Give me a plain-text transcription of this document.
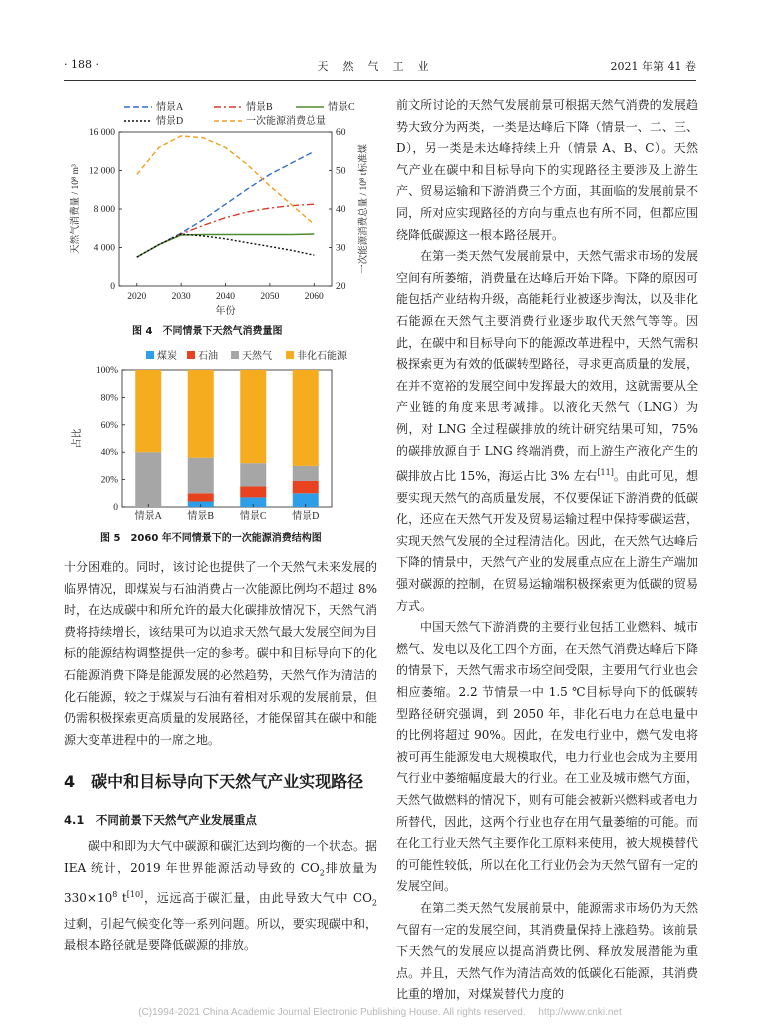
· 188 ·	天然气工业	2021 年第 41 卷
情景A	情景B	情景C
情景D	一次能源消费总量
0
4 000
8 000
12 000
16 000
20
30
40
50
60
2020	2030	2040	2050	2060
年份
天然气消费量 / 10⁸ m³	一次能源消费总量 / 10⁸ t标准煤
图 4　不同情景下天然气消费量图
煤炭 石油 天然气	非化石能源
0
20%
40%
60%
80%
100%
占比
情景A	情景B	情景C	情景D
图 5　2060 年不同情景下的一次能源消费结构图

十分困难的。同时，该讨论也提供了一个天然气未来发展的临界情况，即煤炭与石油消费占一次能源比例均不超过 8% 时，在达成碳中和所允许的最大化碳排放情况下，天然气消费将持续增长，该结果可为以追求天然气最大发展空间为目标的能源结构调整提供一定的参考。碳中和目标导向下的化石能源消费下降是能源发展的必然趋势，天然气作为清洁的化石能源，较之于煤炭与石油有着相对乐观的发展前景，但仍需积极探索更高质量的发展路径，才能保留其在碳中和能源大变革进程中的一席之地。

4　碳中和目标导向下天然气产业实现路径
4.1　不同前景下天然气产业发展重点

碳中和即为大气中碳源和碳汇达到均衡的一个状态。据 IEA 统计，2019 年世界能源活动导致的 $CO_2$排放量为 $330\times 10^8$ t[10]，远远高于碳汇量，由此导致大气中 $CO_2$ 过剩，引起气候变化等一系列问题。所以，要实现碳中和，最根本路径就是要降低碳源的排放。

前文所讨论的天然气发展前景可根据天然气消费的发展趋势大致分为两类，一类是达峰后下降（情景一、二、三、D），另一类是未达峰持续上升（情景 A、B、C）。天然气产业在碳中和目标导向下的实现路径主要涉及上游生产、贸易运输和下游消费三个方面，其面临的发展前景不同，所对应实现路径的方向与重点也有所不同，但都应围绕降低碳源这一根本路径展开。

在第一类天然气发展前景中，天然气需求市场的发展空间有所萎缩，消费量在达峰后开始下降。下降的原因可能包括产业结构升级，高能耗行业被逐步淘汰，以及非化石能源在天然气主要消费行业逐步取代天然气等等。因此，在碳中和目标导向下的能源改革进程中，天然气需积极探索更为有效的低碳转型路径，寻求更高质量的发展，在并不宽裕的发展空间中发挥最大的效用，这就需要从全产业链的角度来思考减排。以液化天然气（LNG）为例，对 LNG 全过程碳排放的统计研究结果可知，75% 的碳排放源自于 LNG 终端消费，而上游生产液化产生的碳排放占比 15%，海运占比 3% 左右[11]。由此可见，想要实现天然气的高质量发展，不仅要保证下游消费的低碳化，还应在天然气开发及贸易运输过程中保持零碳运营，实现天然气发展的全过程清洁化。因此，在天然气达峰后下降的情景中，天然气产业的发展重点应在上游生产端加强对碳源的控制，在贸易运输端积极探索更为低碳的贸易方式。

中国天然气下游消费的主要行业包括工业燃料、城市燃气、发电以及化工四个方面，在天然气消费达峰后下降的情景下，天然气需求市场空间受限，主要用气行业也会相应萎缩。2.2 节情景一中 1.5 ℃目标导向下的低碳转型路径研究强调，到 2050 年，非化石电力在总电量中的比例将超过 90%。因此，在发电行业中，燃气发电将被可再生能源发电大规模取代，电力行业也会成为主要用气行业中萎缩幅度最大的行业。在工业及城市燃气方面，天然气做燃料的情况下，则有可能会被新兴燃料或者电力所替代，因此，这两个行业也存在用气量萎缩的可能。而在化工行业天然气主要作化工原料来使用，被大规模替代的可能性较低，所以在化工行业仍会为天然气留有一定的发展空间。

在第二类天然气发展前景中，能源需求市场仍为天然气留有一定的发展空间，其消费量保持上涨趋势。该前景下天然气的发展应以提高消费比例、释放发展潜能为重点。并且，天然气作为清洁高效的低碳化石能源，其消费比重的增加，对煤炭替代力度的

(C)1994-2021 China Academic Journal Electronic Publishing House. All rights reserved.　 http://www.cnki.net
